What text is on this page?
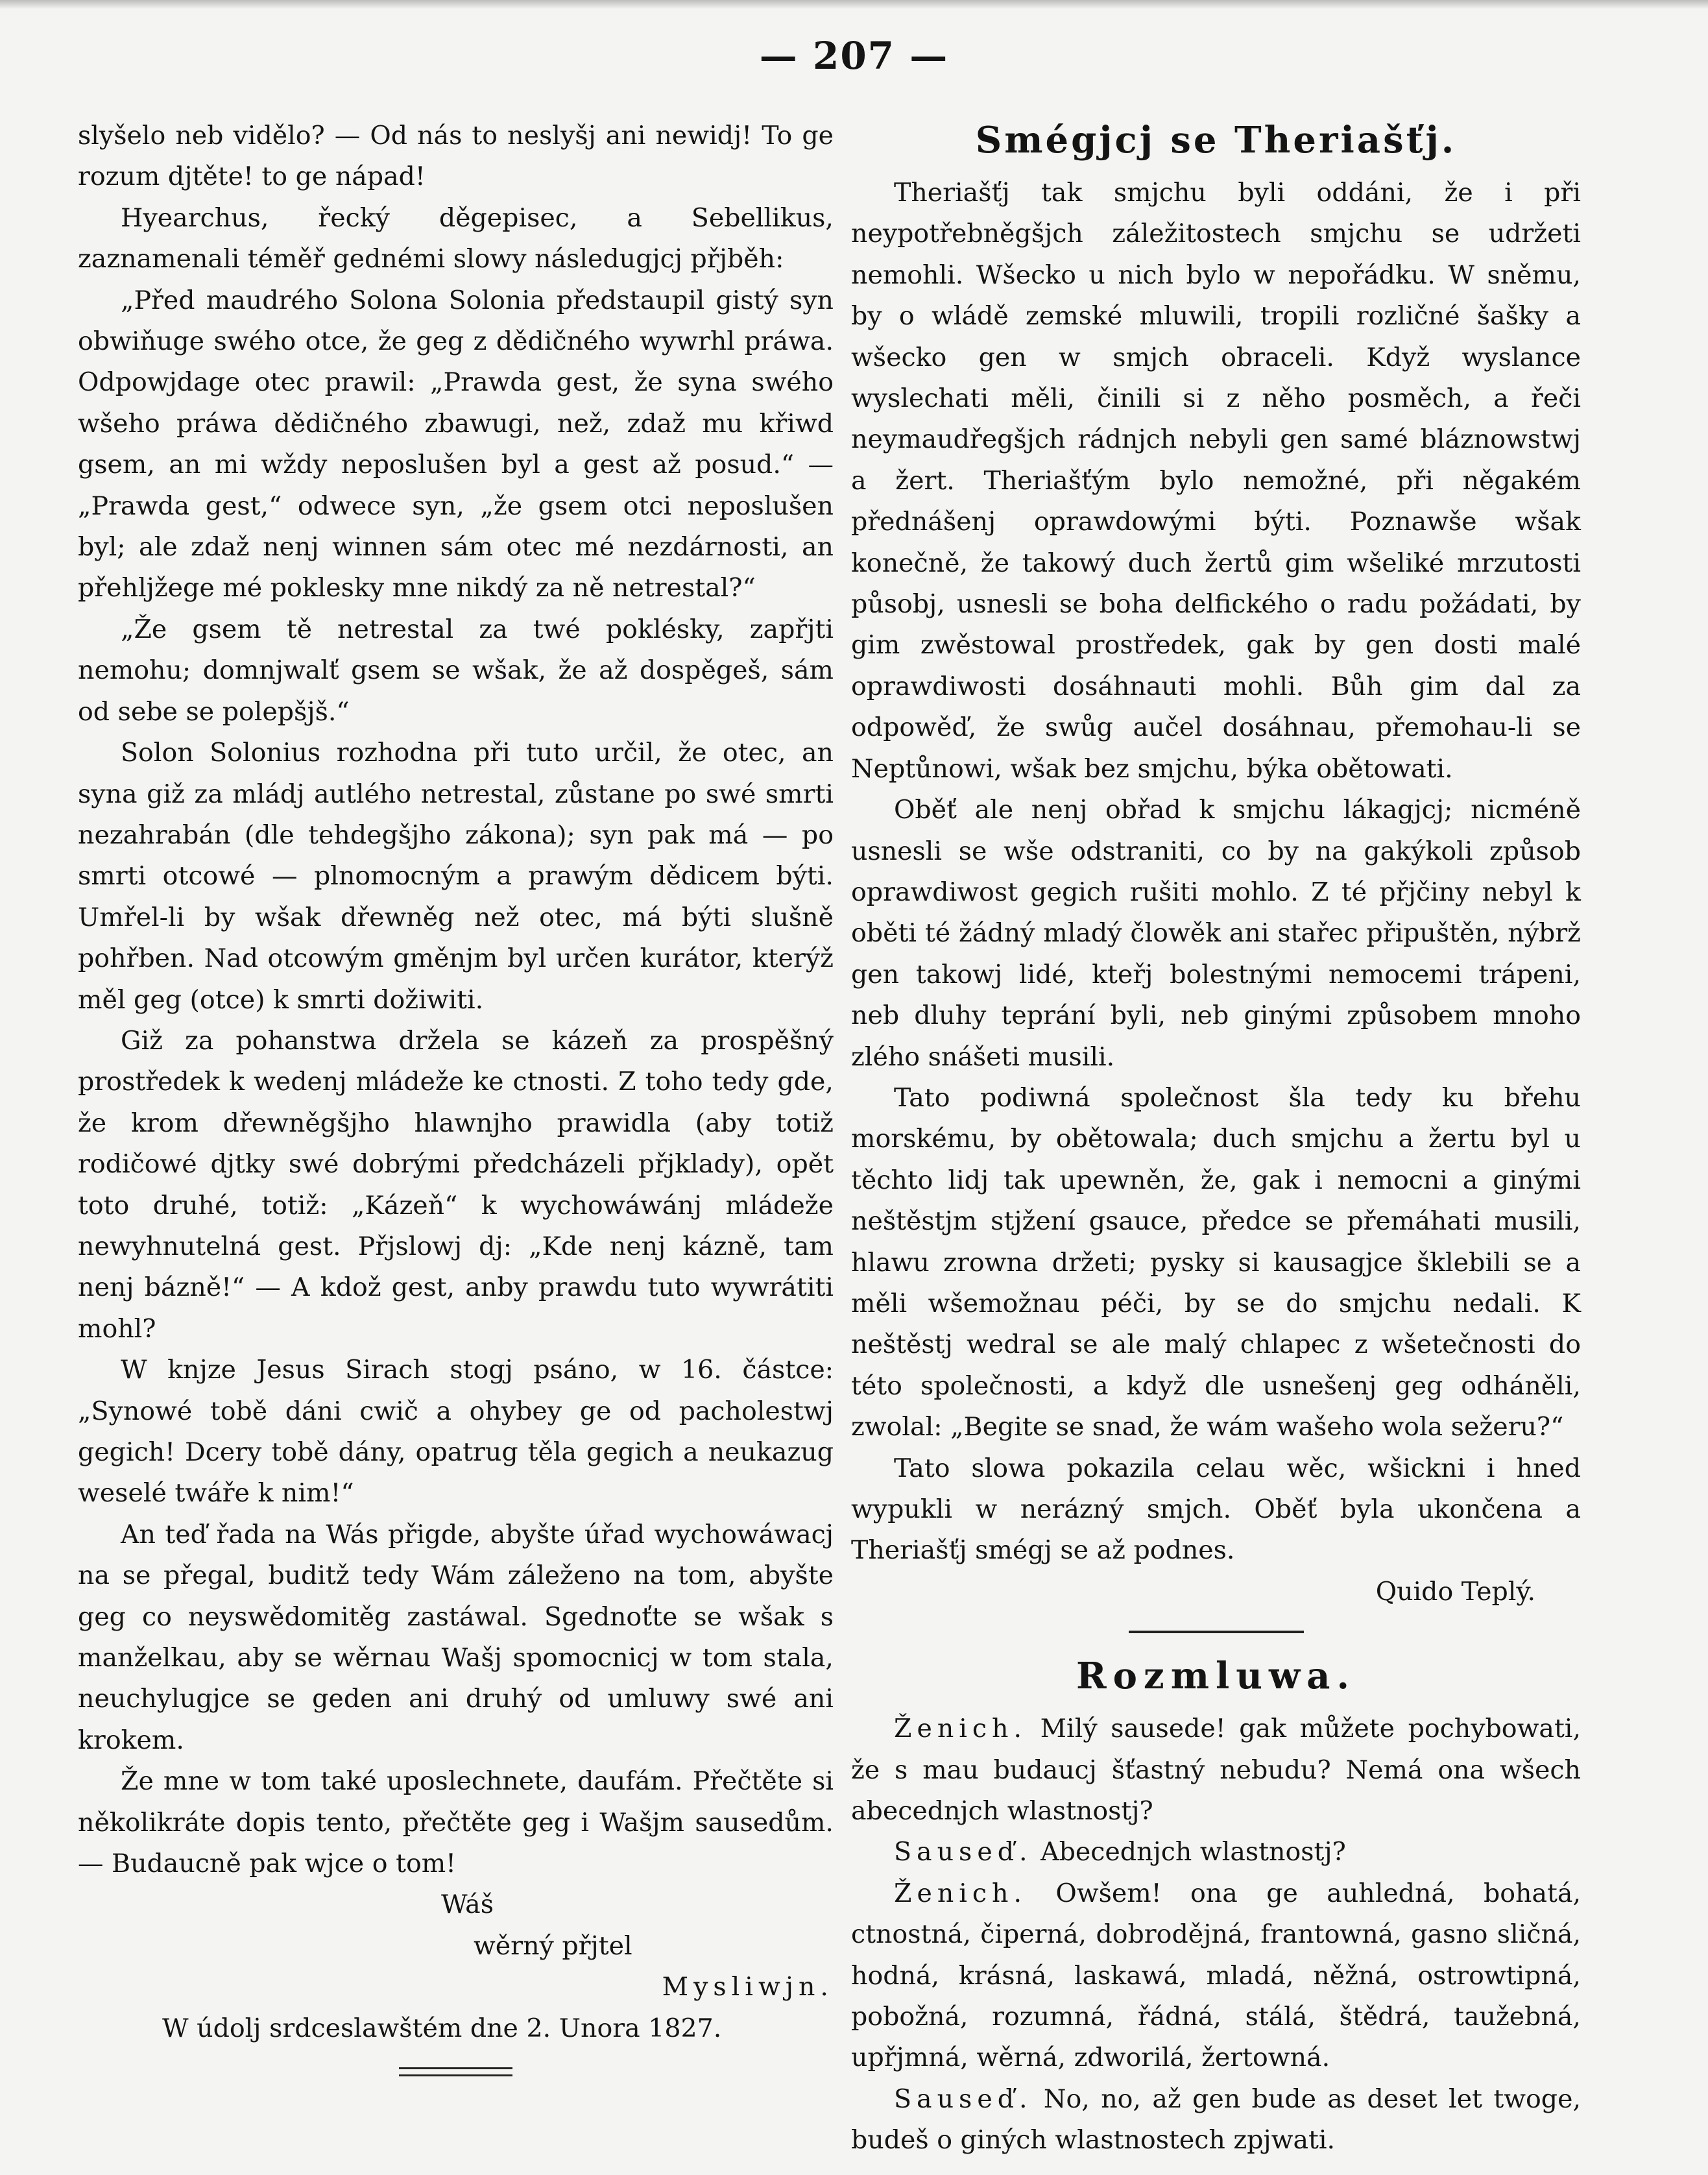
— 207 —

slyšelo neb vidělo? — Od nás to neslyšj ani newidj! To ge rozum djtěte! to ge nápad!

Hyearchus, řecký děgepisec, a Sebellikus, zaznamenali téměř gednémi slowy následugjcj přjběh:

„Před maudrého Solona Solonia předstaupil gistý syn obwiňuge swého otce, že geg z dědičného wywrhl práwa. Odpowjdage otec prawil: „Prawda gest, že syna swého wšeho práwa dědičného zbawugi, než, zdaž mu křiwd gsem, an mi wždy neposlušen byl a gest až posud.“ — „Prawda gest,“ odwece syn, „že gsem otci neposlušen byl; ale zdaž nenj winnen sám otec mé nezdárnosti, an přehljžege mé poklesky mne nikdý za ně netrestal?“

„Že gsem tě netrestal za twé poklésky, zapřjti nemohu; domnjwalť gsem se wšak, že až dospěgeš, sám od sebe se polepšjš.“

Solon Solonius rozhodna při tuto určil, že otec, an syna giž za mládj autlého netrestal, zůstane po swé smrti nezahrabán (dle tehdegšjho zákona); syn pak má — po smrti otcowé — plnomocným a prawým dědicem býti. Umřel-li by wšak dřewněg než otec, má býti slušně pohřben. Nad otcowým gměnjm byl určen kurátor, kterýž měl geg (otce) k smrti dožiwiti.

Giž za pohanstwa držela se kázeň za prospěšný prostředek k wedenj mládeže ke ctnosti. Z toho tedy gde, že krom dřewněgšjho hlawnjho prawidla (aby totiž rodičowé djtky swé dobrými předcházeli přjklady), opět toto druhé, totiž: „Kázeň“ k wychowáwánj mládeže newyhnutelná gest. Přjslowj dj: „Kde nenj kázně, tam nenj bázně!“ — A kdož gest, anby prawdu tuto wywrátiti mohl?

W knjze Jesus Sirach stogj psáno, w 16. částce: „Synowé tobě dáni cwič a ohybey ge od pacholestwj gegich! Dcery tobě dány, opatrug těla gegich a neukazug weselé twáře k nim!“

An teď řada na Wás přigde, abyšte úřad wychowáwacj na se přegal, buditž tedy Wám záleženo na tom, abyšte geg co neyswědomitěg zastáwal. Sgednoťte se wšak s manželkau, aby se wěrnau Wašj spomocnicj w tom stala, neuchylugjce se geden ani druhý od umluwy swé ani krokem.

Že mne w tom také uposlechnete, daufám. Přečtěte si několikráte dopis tento, přečtěte geg i Wašjm sausedům. — Budaucně pak wjce o tom!

Wáš

wěrný přjtel

Mysliwjn.

W údolj srdceslawštém dne 2. Unora 1827.

Smégjcj se Theriašťj.

Theriašťj tak smjchu byli oddáni, že i při neypotřebněgšjch záležitostech smjchu se udržeti nemohli. Wšecko u nich bylo w nepořádku. W sněmu, by o wládě zemské mluwili, tropili rozličné šašky a wšecko gen w smjch obraceli. Když wyslance wyslechati měli, činili si z něho posměch, a řeči neymaudřegšjch rádnjch nebyli gen samé bláznowstwj a žert. Theriašťým bylo nemožné, při něgakém přednášenj opr‍awdowými býti. Poznawše wšak konečně, že takowý duch žertů gim wšeliké mrzutosti působj, usnesli se boha delfického o radu požádati, by gim zwěstowal prostředek, gak by gen dosti malé oprawdiwosti dosáhnauti mohli. Bůh gim dal za odpowěď, že swůg aučel dosáhnau, přemohau-li se Neptůnowi, wšak bez smjchu, býka obětowati.

Oběť ale nenj obřad k smjchu lákagjcj; nicméně usnesli se wše odstraniti, co by na gakýkoli způsob oprawdiwost gegich rušiti mohlo. Z té přjčiny nebyl k oběti té žádný mladý člowěk ani stařec připuštěn, nýbrž gen takowj lidé, kteřj bolestnými nemocemi trápeni, neb dluhy teprání byli, neb ginými způsobem mnoho zlého snášeti musili.

Tato podiwná společnost šla tedy ku břehu morskému, by obětowala; duch smjchu a žertu byl u těchto lidj tak upewněn, že, gak i nemocni a ginými neštěstjm stjžení gsauce, předce se přemáhati musili, hlawu zrowna držeti; pysky si kausagjce šklebili se a měli wšemožnau péči, by se do smjchu nedali. K neštěstj wedral se ale malý chlapec z wšetečnosti do této společnosti, a když dle usnešenj geg odháněli, zwolal: „Begite se snad, že wám wašeho wola sežeru?“

Tato slowa pokazila celau wěc, wšickni i hned wypukli w nerázný smjch. Oběť byla ukončena a Theriašťj smégj se až podnes.

Quido Teplý.

Rozmluwa.

Ženich. Milý sausede! gak můžete pochybowati, že s mau budaucj šťastný nebudu? Nemá ona wšech abecednjch wlastnostj?

Sauseď. Abecednjch wlastnostj?

Ženich. Owšem! ona ge auhledná, bohatá, ctnostná, čiperná, dobrodějná, frantowná, gasno sličná, hodná, krásná, laskawá, mladá, něžná, ostrowtipná, pobožná, rozumná, řádná, stálá, štědrá, taužebná, upřjmná, wěrná, zdworilá, žertowná.

Sauseď. No, no, až gen bude as deset let twoge, budeš o giných wlastnostech zpjwati.
